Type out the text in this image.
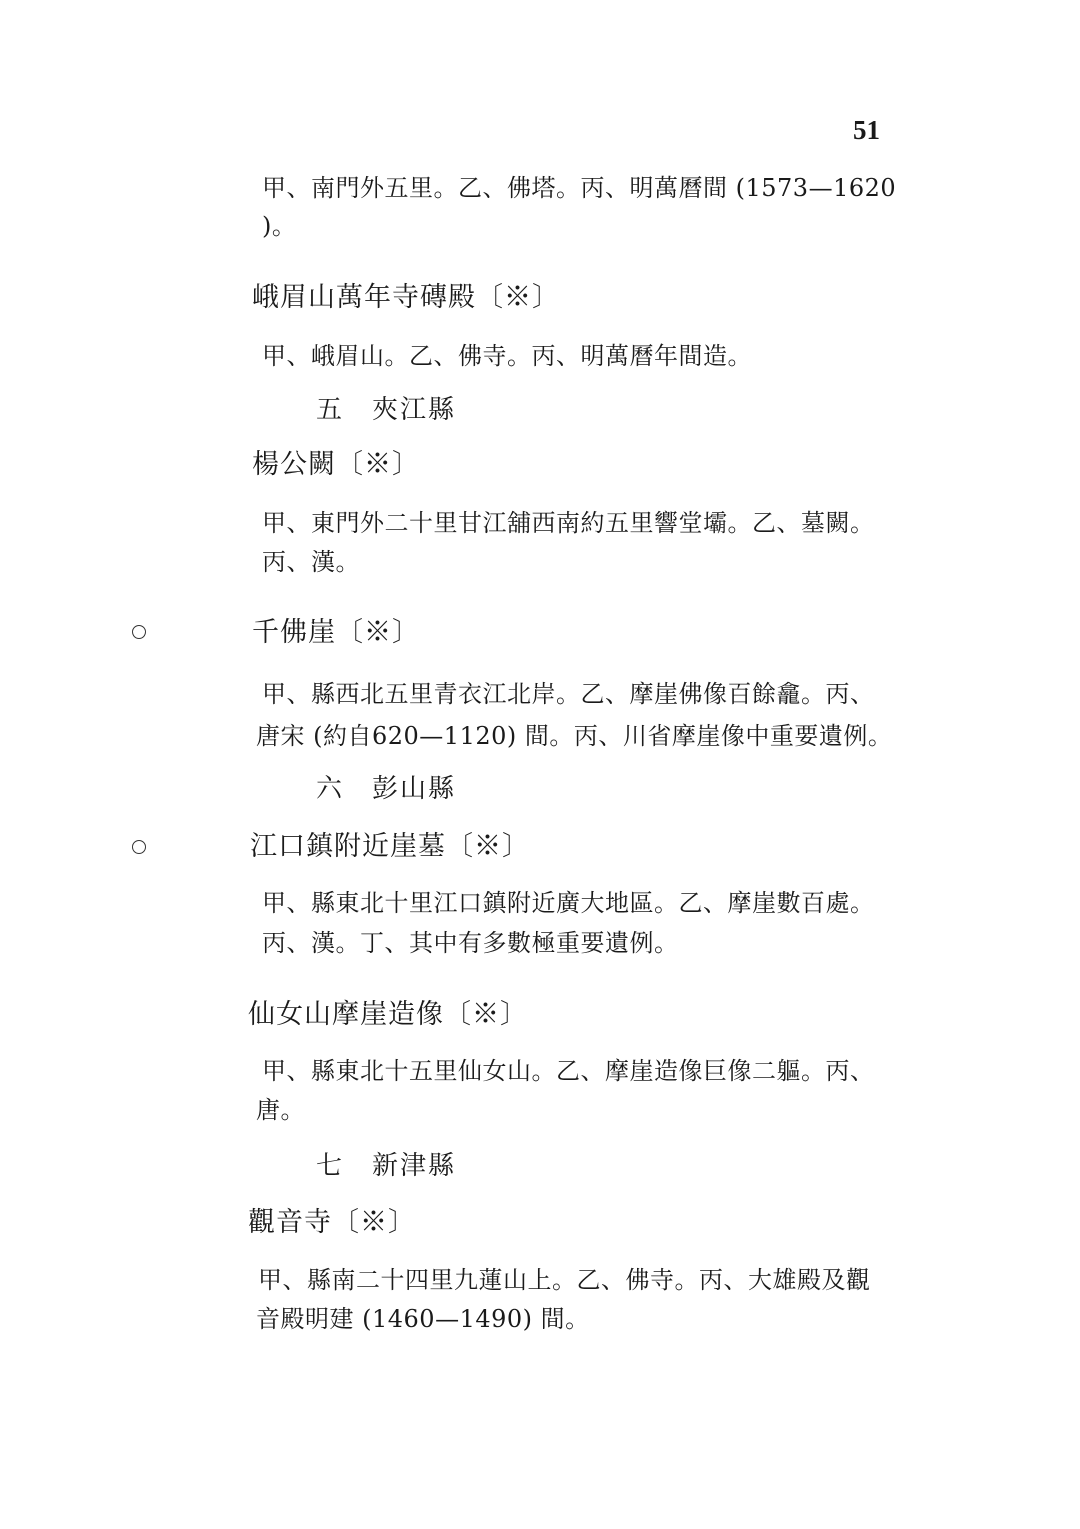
51
甲、南門外五里。乙、佛塔。丙、明萬曆間 (1573—1620
)。
峨眉山萬年寺磚殿〔※〕
甲、峨眉山。乙、佛寺。丙、明萬曆年間造。
五　夾江縣
楊公闕〔※〕
甲、東門外二十里甘江舖西南約五里響堂壩。乙、墓闕。
丙、漢。
千佛崖〔※〕
甲、縣西北五里青衣江北岸。乙、摩崖佛像百餘龕。丙、
唐宋 (約自620—1120) 間。丙、川省摩崖像中重要遺例。
六　彭山縣
江口鎮附近崖墓〔※〕
甲、縣東北十里江口鎮附近廣大地區。乙、摩崖數百處。
丙、漢。丁、其中有多數極重要遺例。
仙女山摩崖造像〔※〕
甲、縣東北十五里仙女山。乙、摩崖造像巨像二軀。丙、
唐。
七　新津縣
觀音寺〔※〕
甲、縣南二十四里九蓮山上。乙、佛寺。丙、大雄殿及觀
音殿明建 (1460—1490) 間。
